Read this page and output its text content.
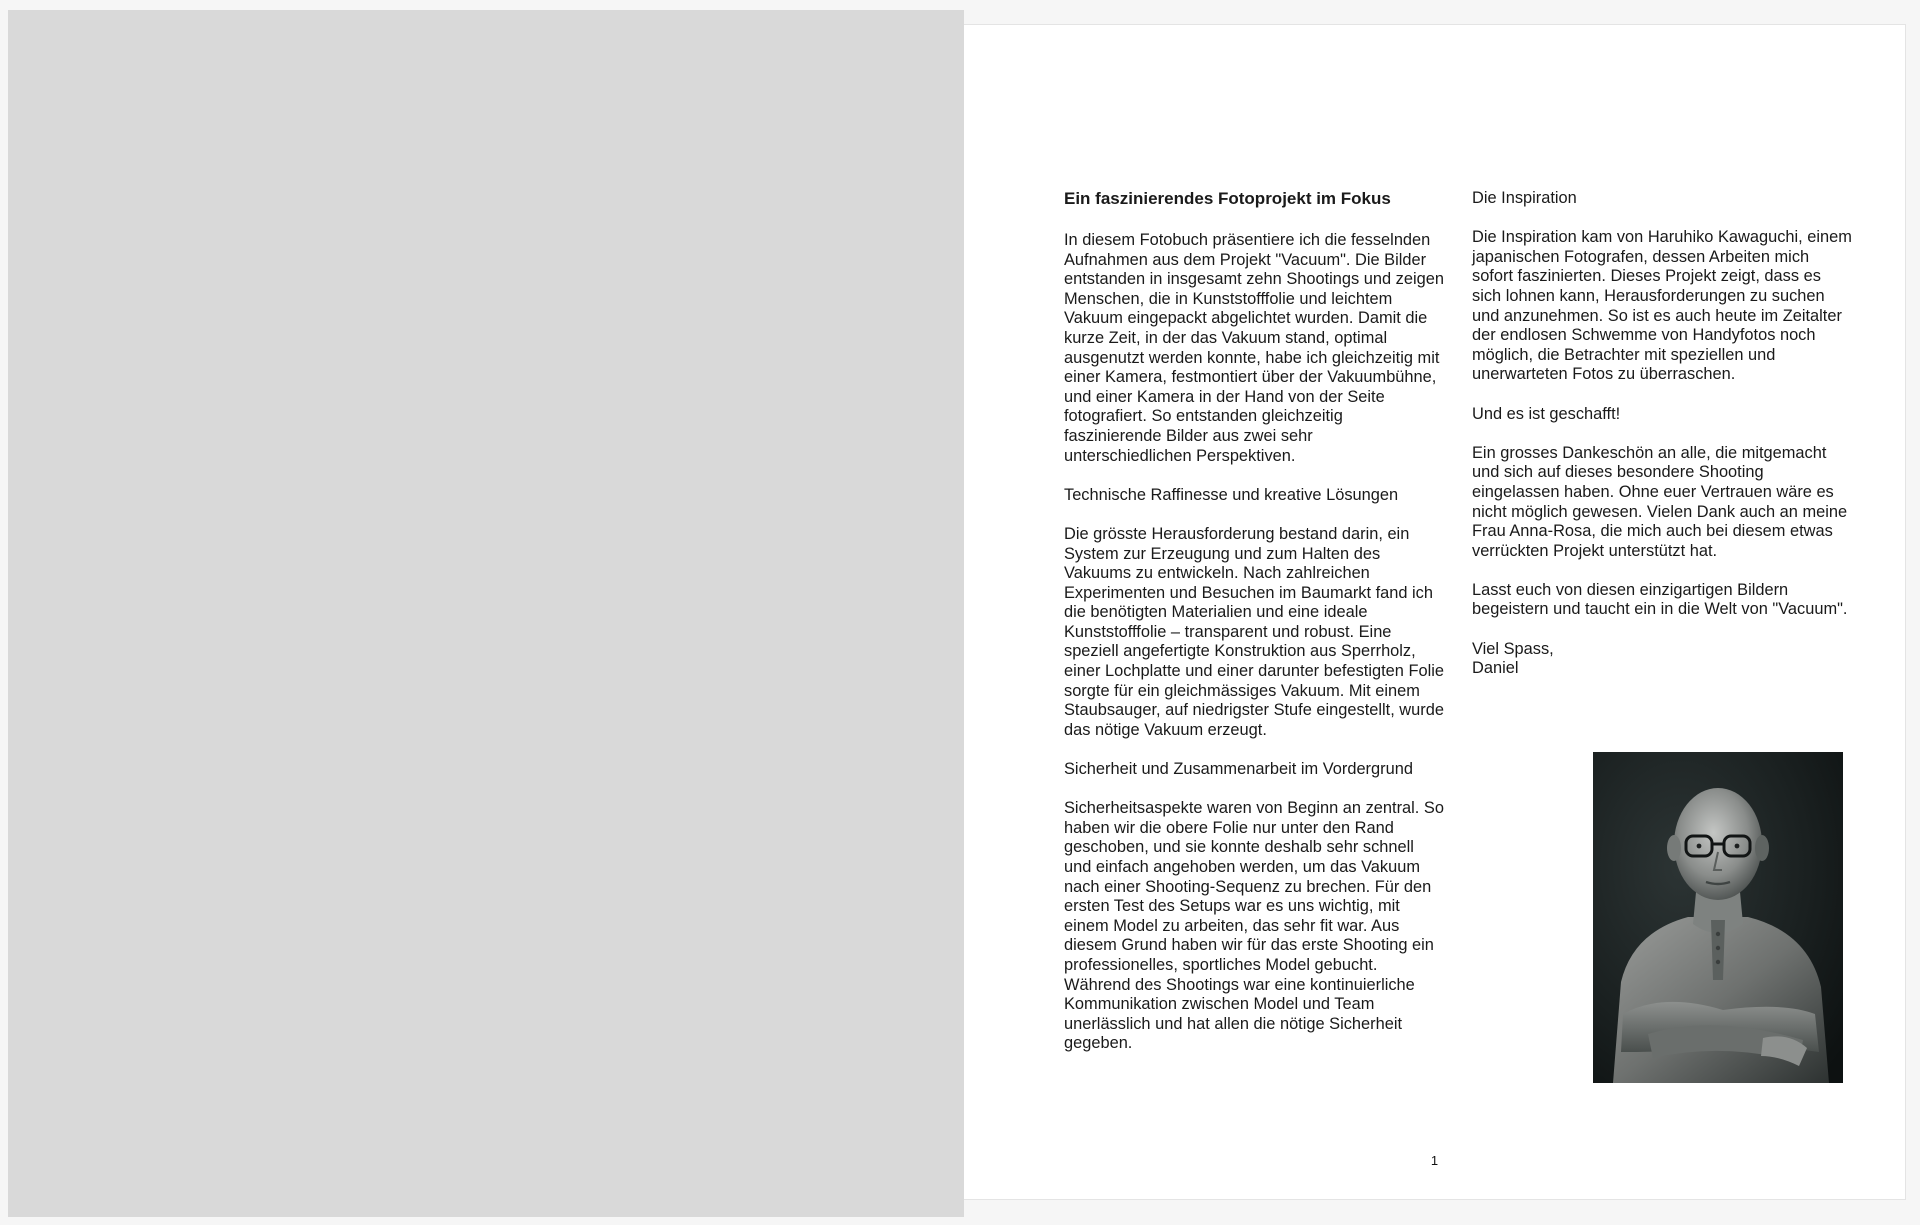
Ein faszinierendes Fotoprojekt im Fokus

In diesem Fotobuch präsentiere ich die fesselnden Aufnahmen aus dem Projekt "Vacuum". Die Bilder entstanden in insgesamt zehn Shootings und zeigen Menschen, die in Kunststofffolie und leichtem Vakuum eingepackt abgelichtet wurden. Damit die kurze Zeit, in der das Vakuum stand, optimal ausgenutzt werden konnte, habe ich gleichzeitig mit einer Kamera, festmontiert über der Vakuumbühne, und einer Kamera in der Hand von der Seite fotografiert. So entstanden gleichzeitig faszinierende Bilder aus zwei sehr unterschiedlichen Perspektiven.

Technische Raffinesse und kreative Lösungen

Die grösste Herausforderung bestand darin, ein System zur Erzeugung und zum Halten des Vakuums zu entwickeln. Nach zahlreichen Experimenten und Besuchen im Baumarkt fand ich die benötigten Materialien und eine ideale Kunststofffolie – transparent und robust. Eine speziell angefertigte Konstruktion aus Sperrholz, einer Lochplatte und einer darunter befestigten Folie sorgte für ein gleichmässiges Vakuum. Mit einem Staubsauger, auf niedrigster Stufe eingestellt, wurde das nötige Vakuum erzeugt.

Sicherheit und Zusammenarbeit im Vordergrund

Sicherheitsaspekte waren von Beginn an zentral. So haben wir die obere Folie nur unter den Rand geschoben, und sie konnte deshalb sehr schnell und einfach angehoben werden, um das Vakuum nach einer Shooting-Sequenz zu brechen. Für den ersten Test des Setups war es uns wichtig, mit einem Model zu arbeiten, das sehr fit war. Aus diesem Grund haben wir für das erste Shooting ein professionelles, sportliches Model gebucht. Während des Shootings war eine kontinuierliche Kommunikation zwischen Model und Team unerlässlich und hat allen die nötige Sicherheit gegeben.

Die Inspiration

Die Inspiration kam von Haruhiko Kawaguchi, einem japanischen Fotografen, dessen Arbeiten mich sofort faszinierten. Dieses Projekt zeigt, dass es sich lohnen kann, Herausforderungen zu suchen und anzunehmen. So ist es auch heute im Zeitalter der endlosen Schwemme von Handyfotos noch möglich, die Betrachter mit speziellen und unerwarteten Fotos zu überraschen.

Und es ist geschafft!

Ein grosses Dankeschön an alle, die mitgemacht und sich auf dieses besondere Shooting eingelassen haben. Ohne euer Vertrauen wäre es nicht möglich gewesen. Vielen Dank auch an meine Frau Anna-Rosa, die mich auch bei diesem etwas verrückten Projekt unterstützt hat.

Lasst euch von diesen einzigartigen Bildern begeistern und taucht ein in die Welt von "Vacuum".

Viel Spass,

Daniel

1
